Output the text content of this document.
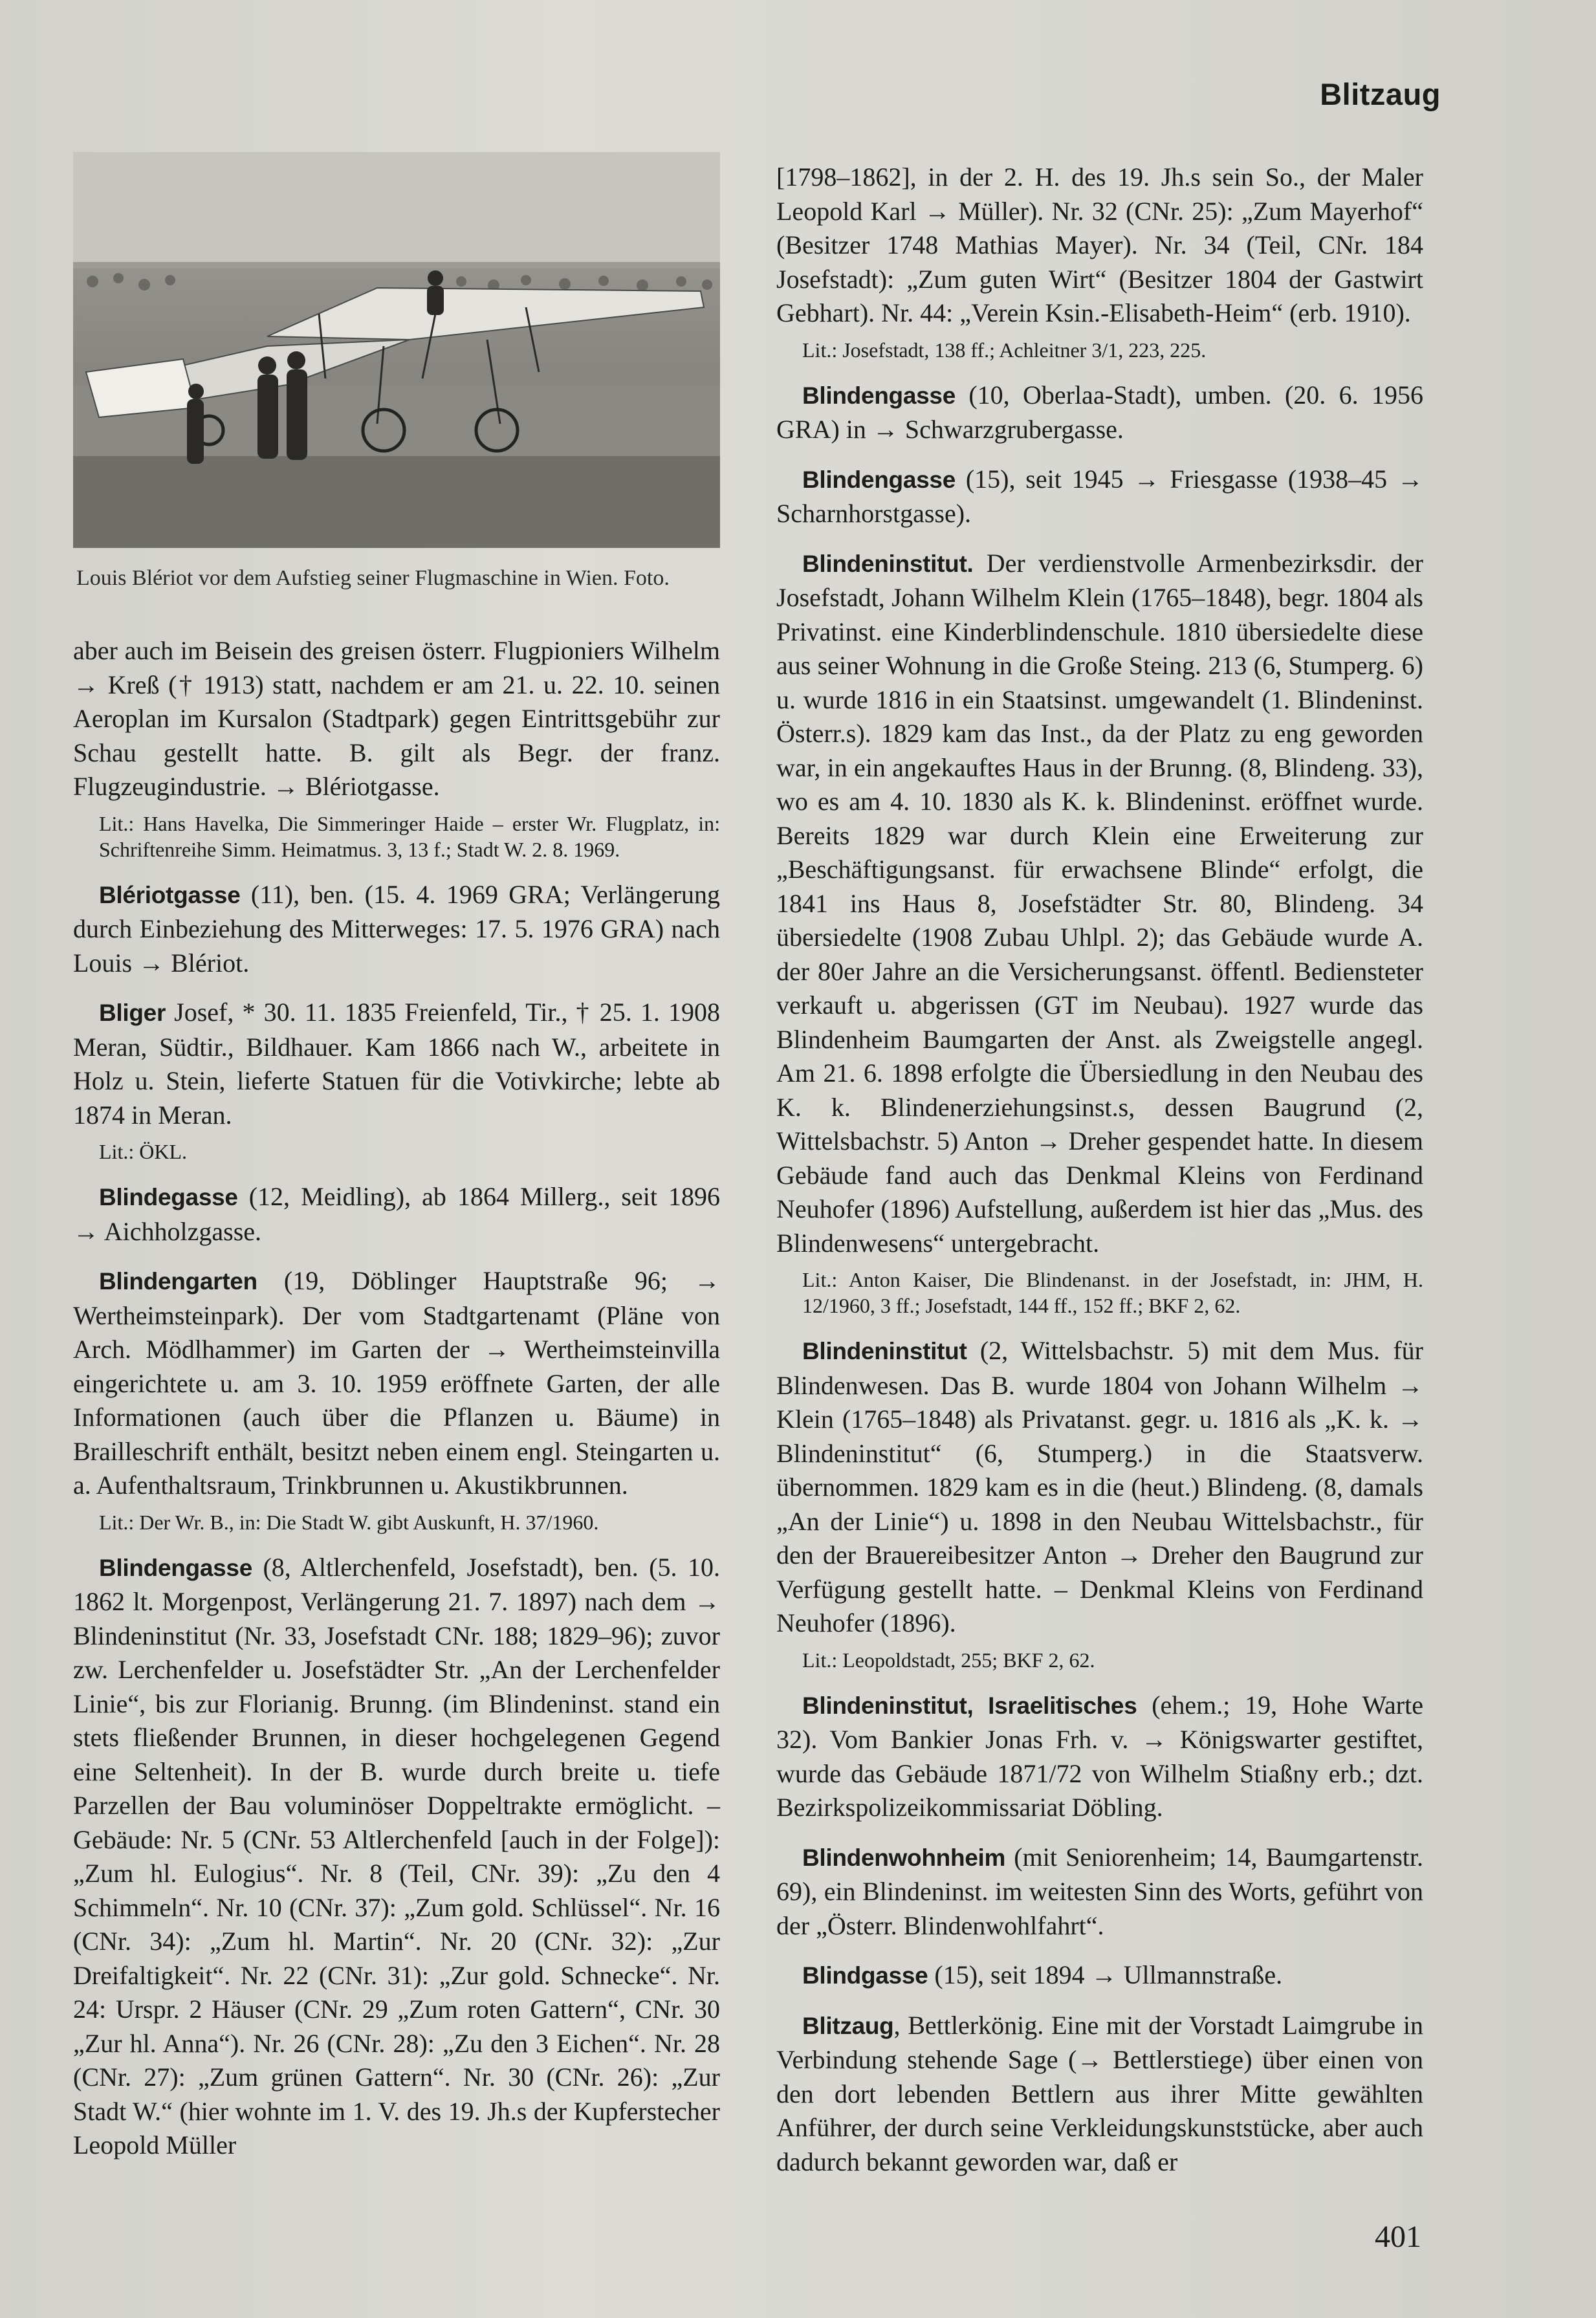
Blitzaug
Louis Blériot vor dem Aufstieg seiner Flugmaschine in Wien. Foto.

aber auch im Beisein des greisen österr. Flugpioniers Wilhelm → Kreß († 1913) statt, nachdem er am 21. u. 22. 10. seinen Aeroplan im Kursalon (Stadtpark) gegen Eintrittsgebühr zur Schau gestellt hatte. B. gilt als Begr. der franz. Flugzeugindustrie. → Blériotgasse.

Lit.: Hans Havelka, Die Simmeringer Haide – erster Wr. Flugplatz, in: Schriftenreihe Simm. Heimatmus. 3, 13 f.; Stadt W. 2. 8. 1969.

Blériotgasse (11), ben. (15. 4. 1969 GRA; Verlängerung durch Einbeziehung des Mitterweges: 17. 5. 1976 GRA) nach Louis → Blériot.

Bliger Josef, * 30. 11. 1835 Freienfeld, Tir., † 25. 1. 1908 Meran, Südtir., Bildhauer. Kam 1866 nach W., arbeitete in Holz u. Stein, lieferte Statuen für die Votivkirche; lebte ab 1874 in Meran.

Lit.: ÖKL.

Blindegasse (12, Meidling), ab 1864 Millerg., seit 1896 → Aichholzgasse.

Blindengarten (19, Döblinger Hauptstraße 96; → Wertheimsteinpark). Der vom Stadtgartenamt (Pläne von Arch. Mödlhammer) im Garten der → Wertheimsteinvilla eingerichtete u. am 3. 10. 1959 eröffnete Garten, der alle Informationen (auch über die Pflanzen u. Bäume) in Brailleschrift enthält, besitzt neben einem engl. Steingarten u. a. Aufenthaltsraum, Trinkbrunnen u. Akustikbrunnen.

Lit.: Der Wr. B., in: Die Stadt W. gibt Auskunft, H. 37/1960.

Blindengasse (8, Altlerchenfeld, Josefstadt), ben. (5. 10. 1862 lt. Morgenpost, Verlängerung 21. 7. 1897) nach dem → Blindeninstitut (Nr. 33, Josefstadt CNr. 188; 1829–96); zuvor zw. Lerchenfelder u. Josefstädter Str. „An der Lerchenfelder Linie“, bis zur Florianig. Brunng. (im Blindeninst. stand ein stets fließender Brunnen, in dieser hochgelegenen Gegend eine Seltenheit). In der B. wurde durch breite u. tiefe Parzellen der Bau voluminöser Doppeltrakte ermöglicht. – Gebäude: Nr. 5 (CNr. 53 Altlerchenfeld [auch in der Folge]): „Zum hl. Eulogius“. Nr. 8 (Teil, CNr. 39): „Zu den 4 Schimmeln“. Nr. 10 (CNr. 37): „Zum gold. Schlüssel“. Nr. 16 (CNr. 34): „Zum hl. Martin“. Nr. 20 (CNr. 32): „Zur Dreifaltigkeit“. Nr. 22 (CNr. 31): „Zur gold. Schnecke“. Nr. 24: Urspr. 2 Häuser (CNr. 29 „Zum roten Gattern“, CNr. 30 „Zur hl. Anna“). Nr. 26 (CNr. 28): „Zu den 3 Eichen“. Nr. 28 (CNr. 27): „Zum grünen Gattern“. Nr. 30 (CNr. 26): „Zur Stadt W.“ (hier wohnte im 1. V. des 19. Jh.s der Kupferstecher Leopold Müller

[1798–1862], in der 2. H. des 19. Jh.s sein So., der Maler Leopold Karl → Müller). Nr. 32 (CNr. 25): „Zum Mayerhof“ (Besitzer 1748 Mathias Mayer). Nr. 34 (Teil, CNr. 184 Josefstadt): „Zum guten Wirt“ (Besitzer 1804 der Gastwirt Gebhart). Nr. 44: „Verein Ksin.-Elisabeth-Heim“ (erb. 1910).

Lit.: Josefstadt, 138 ff.; Achleitner 3/1, 223, 225.

Blindengasse (10, Oberlaa-Stadt), umben. (20. 6. 1956 GRA) in → Schwarzgrubergasse.

Blindengasse (15), seit 1945 → Friesgasse (1938–45 → Scharnhorstgasse).

Blindeninstitut. Der verdienstvolle Armenbezirksdir. der Josefstadt, Johann Wilhelm Klein (1765–1848), begr. 1804 als Privatinst. eine Kinderblindenschule. 1810 übersiedelte diese aus seiner Wohnung in die Große Steing. 213 (6, Stumperg. 6) u. wurde 1816 in ein Staatsinst. umgewandelt (1. Blindeninst. Österr.s). 1829 kam das Inst., da der Platz zu eng geworden war, in ein angekauftes Haus in der Brunng. (8, Blindeng. 33), wo es am 4. 10. 1830 als K. k. Blindeninst. eröffnet wurde. Bereits 1829 war durch Klein eine Erweiterung zur „Beschäftigungsanst. für erwachsene Blinde“ erfolgt, die 1841 ins Haus 8, Josefstädter Str. 80, Blindeng. 34 übersiedelte (1908 Zubau Uhlpl. 2); das Gebäude wurde A. der 80er Jahre an die Versicherungsanst. öffentl. Bediensteter verkauft u. abgerissen (GT im Neubau). 1927 wurde das Blindenheim Baumgarten der Anst. als Zweigstelle angegl. Am 21. 6. 1898 erfolgte die Übersiedlung in den Neubau des K. k. Blindenerziehungsinst.s, dessen Baugrund (2, Wittelsbachstr. 5) Anton → Dreher gespendet hatte. In diesem Gebäude fand auch das Denkmal Kleins von Ferdinand Neuhofer (1896) Aufstellung, außerdem ist hier das „Mus. des Blindenwesens“ untergebracht.

Lit.: Anton Kaiser, Die Blindenanst. in der Josefstadt, in: JHM, H. 12/1960, 3 ff.; Josefstadt, 144 ff., 152 ff.; BKF 2, 62.

Blindeninstitut (2, Wittelsbachstr. 5) mit dem Mus. für Blindenwesen. Das B. wurde 1804 von Johann Wilhelm → Klein (1765–1848) als Privatanst. gegr. u. 1816 als „K. k. → Blindeninstitut“ (6, Stumperg.) in die Staatsverw. übernommen. 1829 kam es in die (heut.) Blindeng. (8, damals „An der Linie“) u. 1898 in den Neubau Wittelsbachstr., für den der Brauereibesitzer Anton → Dreher den Baugrund zur Verfügung gestellt hatte. – Denkmal Kleins von Ferdinand Neuhofer (1896).

Lit.: Leopoldstadt, 255; BKF 2, 62.

Blindeninstitut, Israelitisches (ehem.; 19, Hohe Warte 32). Vom Bankier Jonas Frh. v. → Königswarter gestiftet, wurde das Gebäude 1871/72 von Wilhelm Stiaßny erb.; dzt. Bezirkspolizeikommissariat Döbling.

Blindenwohnheim (mit Seniorenheim; 14, Baumgartenstr. 69), ein Blindeninst. im weitesten Sinn des Worts, geführt von der „Österr. Blindenwohlfahrt“.

Blindgasse (15), seit 1894 → Ullmannstraße.

Blitzaug, Bettlerkönig. Eine mit der Vorstadt Laimgrube in Verbindung stehende Sage (→ Bettlerstiege) über einen von den dort lebenden Bettlern aus ihrer Mitte gewählten Anführer, der durch seine Verkleidungskunststücke, aber auch dadurch bekannt geworden war, daß er

401
